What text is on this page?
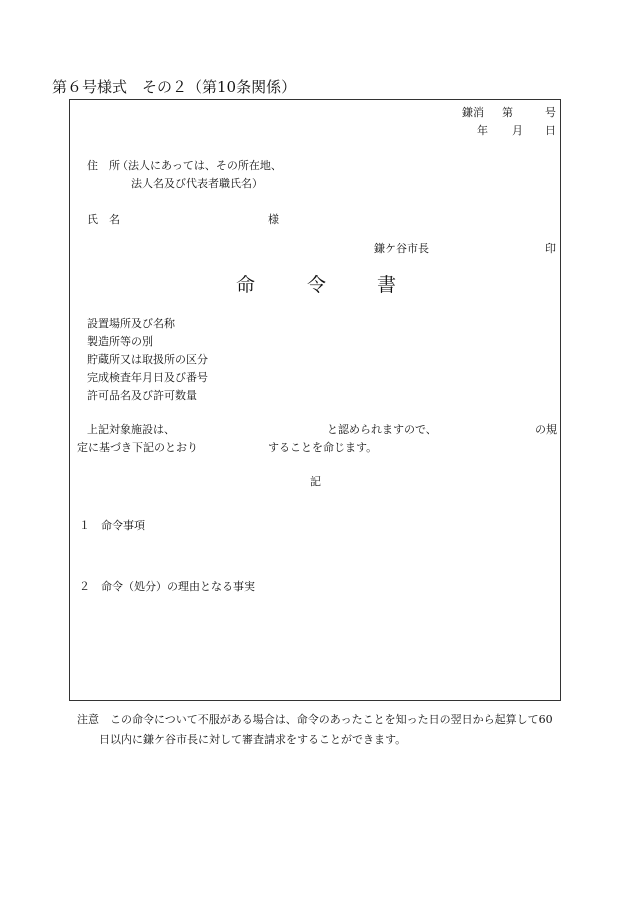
第６号様式　その２（第10条関係）
鎌消 第	号
年 月 日
住　所
（法人にあっては、その所在地、
法人名及び代表者職氏名）
氏　名	様
鎌ケ谷市長	印
命	令	書
設置場所及び名称
製造所等の別
貯蔵所又は取扱所の区分
完成検査年月日及び番号
許可品名及び許可数量
上記対象施設は、	と認められますので、	の規
定に基づき下記のとおり	することを命じます。
記
１　命令事項
２　命令（処分）の理由となる事実
注意　この命令について不服がある場合は、命令のあったことを知った日の翌日から起算して60
日以内に鎌ケ谷市長に対して審査請求をすることができます。
